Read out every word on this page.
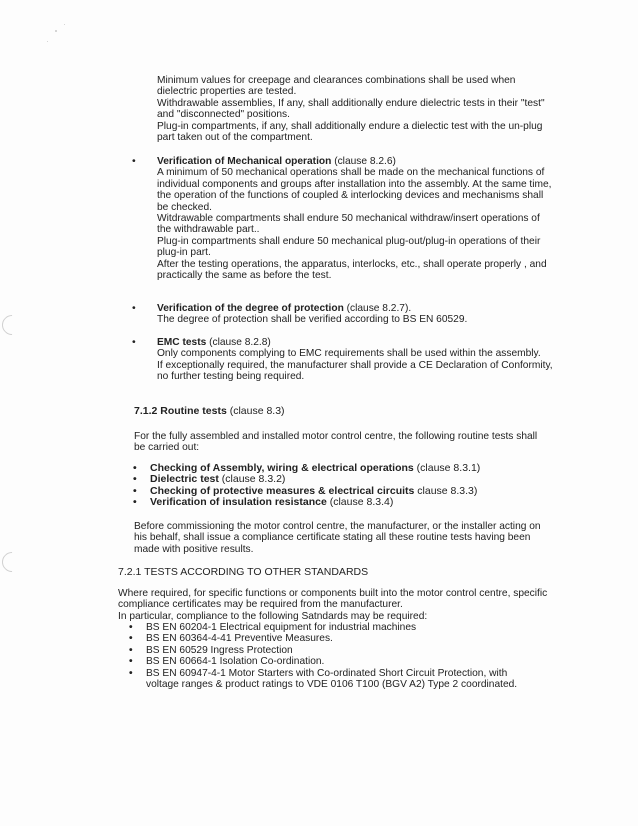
Minimum values for creepage and clearances combinations shall be used when

dielectric properties are tested.

Withdrawable assemblies, If any, shall additionally endure dielectric tests in their "test"

and "disconnected" positions.

Plug-in compartments, if any, shall additionally endure a dielectic test with the un-plug

part taken out of the compartment.

• Verification of Mechanical operation (clause 8.2.6)

A minimum of 50 mechanical operations shall be made on the mechanical functions of

individual components and groups after installation into the assembly. At the same time,

the operation of the functions of coupled & interlocking devices and mechanisms shall

be checked.

Witdrawable compartments shall endure 50 mechanical withdraw/insert operations of

the withdrawable part..

Plug-in compartments shall endure 50 mechanical plug-out/plug-in operations of their

plug-in part.

After the testing operations, the apparatus, interlocks, etc., shall operate properly , and

practically the same as before the test.

• Verification of the degree of protection (clause 8.2.7).

The degree of protection shall be verified according to BS EN 60529.

• EMC tests (clause 8.2.8)

Only components complying to EMC requirements shall be used within the assembly.

If exceptionally required, the manufacturer shall provide a CE Declaration of Conformity,

no further testing being required.

7.1.2 Routine tests (clause 8.3)

For the fully assembled and installed motor control centre, the following routine tests shall

be carried out:

• Checking of Assembly, wiring & electrical operations (clause 8.3.1)
• Dielectric test (clause 8.3.2)
• Checking of protective measures & electrical circuits clause 8.3.3)
• Verification of insulation resistance (clause 8.3.4)

Before commissioning the motor control centre, the manufacturer, or the installer acting on

his behalf, shall issue a compliance certificate stating all these routine tests having been

made with positive results.

7.2.1 TESTS ACCORDING TO OTHER STANDARDS

Where required, for specific functions or components built into the motor control centre, specific

compliance certificates may be required from the manufacturer.

In particular, compliance to the following Satndards may be required:

• BS EN 60204-1 Electrical equipment for industrial machines
• BS EN 60364-4-41 Preventive Measures.
• BS EN 60529 Ingress Protection
• BS EN 60664-1 Isolation Co-ordination.
• BS EN 60947-4-1 Motor Starters with Co-ordinated Short Circuit Protection, with
voltage ranges & product ratings to VDE 0106 T100 (BGV A2) Type 2 coordinated.
